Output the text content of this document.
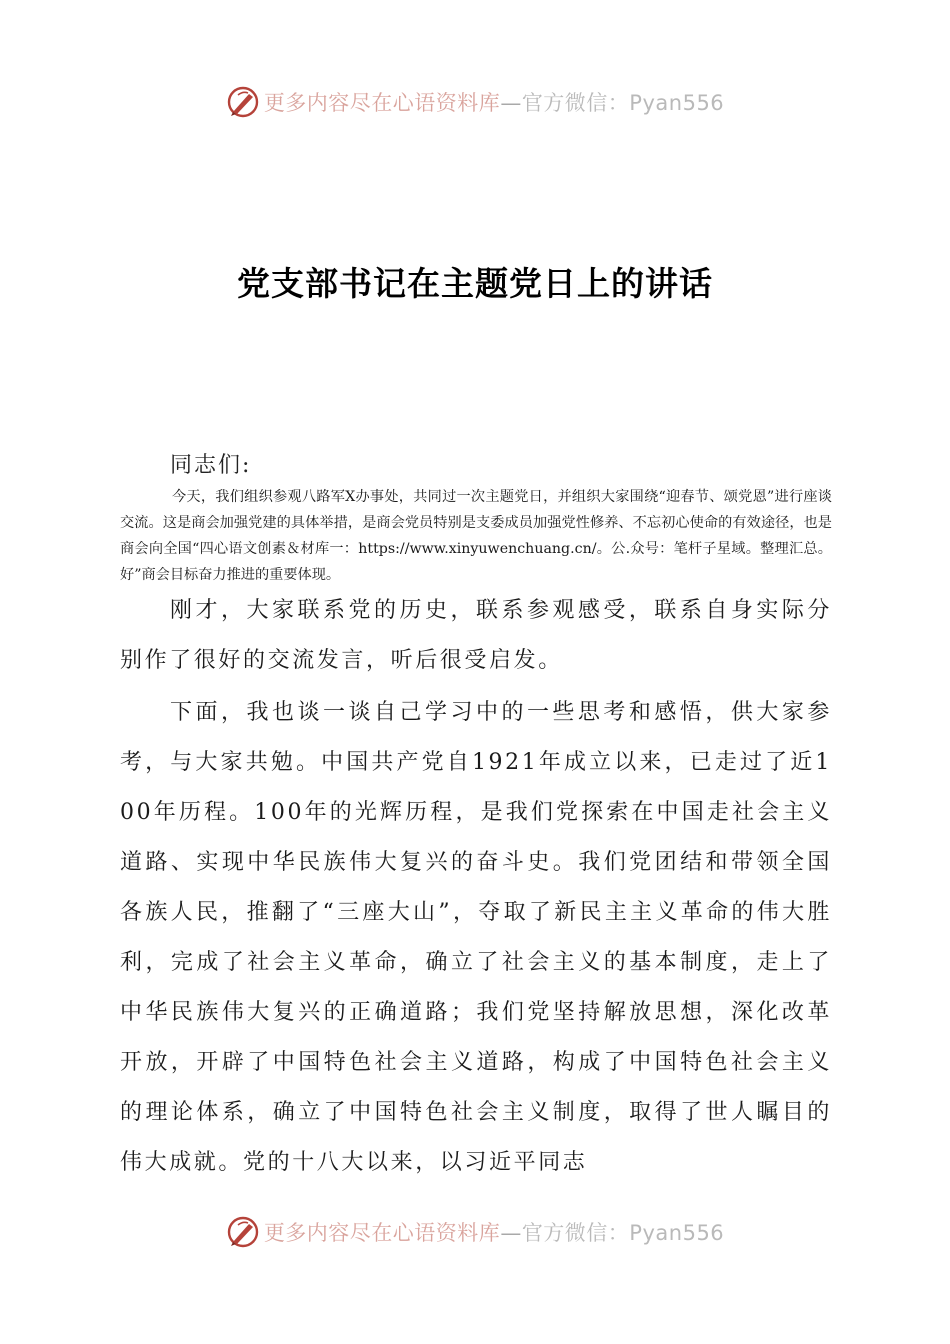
更多内容尽在心语资料库—官方微信：Pyan556
党支部书记在主题党日上的讲话
同志们:
今天，我们组织参观八路军X办事处，共同过一次主题党日，并组织大家围绕“迎春节、颂党恩”进行座谈交流。这是商会加强党建的具体举措，是商会党员特别是支委成员加强党性修养、不忘初心使命的有效途径，也是商会向全国“四心语文创素＆材库一：https://www.xinyuwenchuang.cn/。公.众号：笔杆子星域。整理汇总。好”商会目标奋力推进的重要体现。
刚才，大家联系党的历史，联系参观感受，联系自身实际分别作了很好的交流发言，听后很受启发。
下面，我也谈一谈自己学习中的一些思考和感悟，供大家参考，与大家共勉。中国共产党自1921年成立以来，已走过了近100年历程。100年的光辉历程，是我们党探索在中国走社会主义道路、实现中华民族伟大复兴的奋斗史。我们党团结和带领全国各族人民，推翻了“三座大山”，夺取了新民主主义革命的伟大胜利，完成了社会主义革命，确立了社会主义的基本制度，走上了中华民族伟大复兴的正确道路；我们党坚持解放思想，深化改革开放，开辟了中国特色社会主义道路，构成了中国特色社会主义的理论体系，确立了中国特色社会主义制度，取得了世人瞩目的伟大成就。党的十八大以来，以习近平同志
更多内容尽在心语资料库—官方微信：Pyan556
